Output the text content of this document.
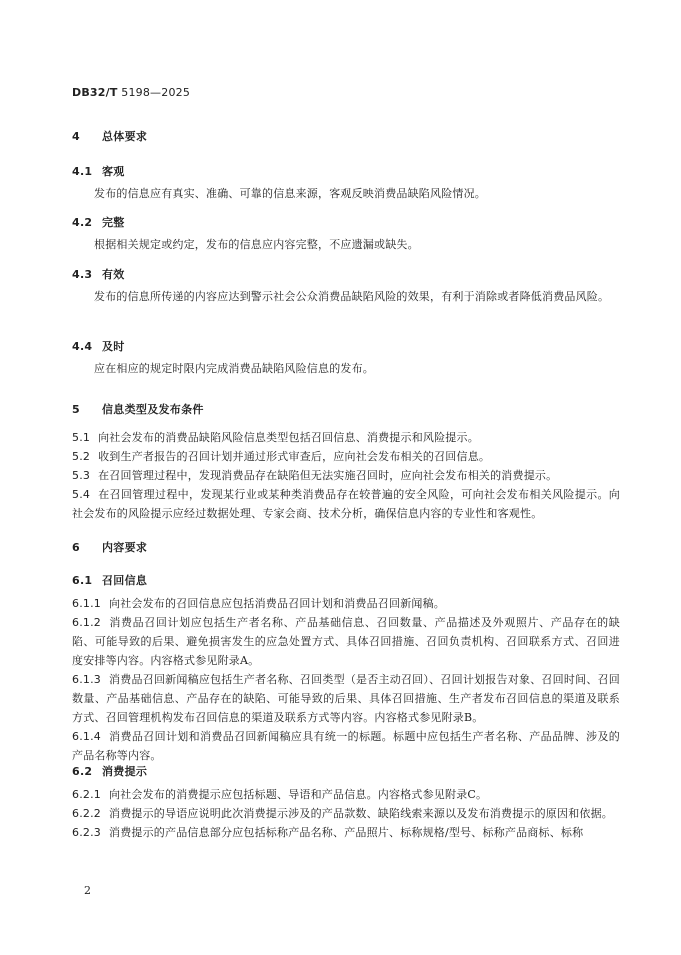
DB32/T 5198—2025
4 总体要求
4.1 客观

发布的信息应有真实、准确、可靠的信息来源，客观反映消费品缺陷风险情况。

4.2 完整

根据相关规定或约定，发布的信息应内容完整，不应遗漏或缺失。

4.3 有效

发布的信息所传递的内容应达到警示社会公众消费品缺陷风险的效果，有利于消除或者降低消费品风险。

4.4 及时

应在相应的规定时限内完成消费品缺陷风险信息的发布。

5 信息类型及发布条件

5.1 向社会发布的消费品缺陷风险信息类型包括召回信息、消费提示和风险提示。

5.2 收到生产者报告的召回计划并通过形式审查后，应向社会发布相关的召回信息。

5.3 在召回管理过程中，发现消费品存在缺陷但无法实施召回时，应向社会发布相关的消费提示。

5.4 在召回管理过程中，发现某行业或某种类消费品存在较普遍的安全风险，可向社会发布相关风险提示。向社会发布的风险提示应经过数据处理、专家会商、技术分析，确保信息内容的专业性和客观性。

6 内容要求
6.1 召回信息

6.1.1 向社会发布的召回信息应包括消费品召回计划和消费品召回新闻稿。

6.1.2 消费品召回计划应包括生产者名称、产品基础信息、召回数量、产品描述及外观照片、产品存在的缺陷、可能导致的后果、避免损害发生的应急处置方式、具体召回措施、召回负责机构、召回联系方式、召回进度安排等内容。内容格式参见附录A。

6.1.3 消费品召回新闻稿应包括生产者名称、召回类型（是否主动召回）、召回计划报告对象、召回时间、召回数量、产品基础信息、产品存在的缺陷、可能导致的后果、具体召回措施、生产者发布召回信息的渠道及联系方式、召回管理机构发布召回信息的渠道及联系方式等内容。内容格式参见附录B。

6.1.4 消费品召回计划和消费品召回新闻稿应具有统一的标题。标题中应包括生产者名称、产品品牌、涉及的产品名称等内容。

6.2 消费提示

6.2.1 向社会发布的消费提示应包括标题、导语和产品信息。内容格式参见附录C。

6.2.2 消费提示的导语应说明此次消费提示涉及的产品款数、缺陷线索来源以及发布消费提示的原因和依据。

6.2.3 消费提示的产品信息部分应包括标称产品名称、产品照片、标称规格/型号、标称产品商标、标称

2
